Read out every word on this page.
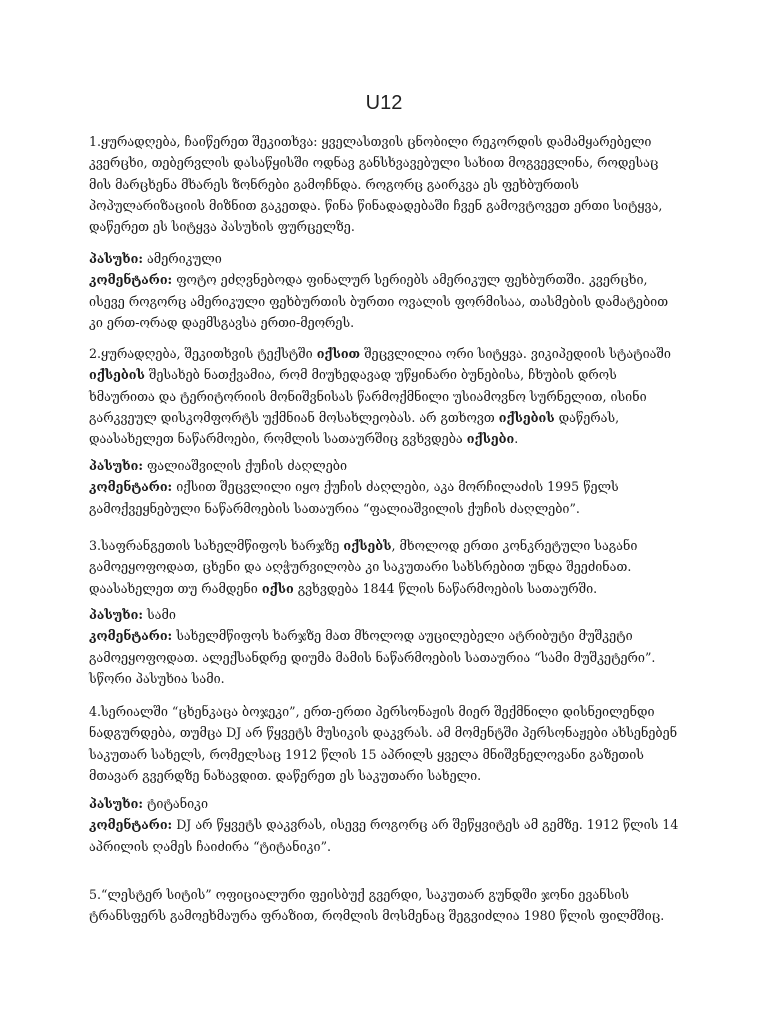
U12

1.ყურადღება, ჩაიწერეთ შეკითხვა: ყველასთვის ცნობილი რეკორდის დამამყარებელი

კვერცხი, თებერვლის დასაწყისში ოდნავ განსხვავებული სახით მოგვევლინა, როდესაც

მის მარცხენა მხარეს ზონრები გამოჩნდა. როგორც გაირკვა ეს ფეხბურთის

პოპულარიზაციის მიზნით გაკეთდა. წინა წინადადებაში ჩვენ გამოვტოვეთ ერთი სიტყვა,

დაწერეთ ეს სიტყვა პასუხის ფურცელზე.

პასუხი: ამერიკული

კომენტარი: ფოტო ეძღვნებოდა ფინალურ სერიებს ამერიკულ ფეხბურთში. კვერცხი,

ისევე როგორც ამერიკული ფეხბურთის ბურთი ოვალის ფორმისაა, თასმების დამატებით

კი ერთ-ორად დაემსგავსა ერთი-მეორეს.

2.ყურადღება, შეკითხვის ტექსტში იქსით შეცვლილია ორი სიტყვა. ვიკიპედიის სტატიაში

იქსების შესახებ ნათქვამია, რომ მიუხედავად უწყინარი ბუნებისა, ჩხუბის დროს

ხმაურითა და ტერიტორიის მონიშვნისას წარმოქმნილი უსიამოვნო სურნელით, ისინი

გარკვეულ დისკომფორტს უქმნიან მოსახლეობას. არ გთხოვთ იქსების დაწერას,

დაასახელეთ ნაწარმოები, რომლის სათაურშიც გვხვდება იქსები.

პასუხი: ფალიაშვილის ქუჩის ძაღლები

კომენტარი: იქსით შეცვლილი იყო ქუჩის ძაღლები, აკა მორჩილაძის 1995 წელს

გამოქვეყნებული ნაწარმოების სათაურია “ფალიაშვილის ქუჩის ძაღლები”.

3.საფრანგეთის სახელმწიფოს ხარჯზე იქსებს, მხოლოდ ერთი კონკრეტული საგანი

გამოეყოფოდათ, ცხენი და აღჭურვილობა კი საკუთარი სახსრებით უნდა შეეძინათ.

დაასახელეთ თუ რამდენი იქსი გვხვდება 1844 წლის ნაწარმოების სათაურში.

პასუხი: სამი

კომენტარი: სახელმწიფოს ხარჯზე მათ მხოლოდ აუცილებელი ატრიბუტი მუშკეტი

გამოეყოფოდათ. ალექსანდრე დიუმა მამის ნაწარმოების სათაურია “სამი მუშკეტერი”.

სწორი პასუხია სამი.

4.სერიალში “ცხენკაცა ბოჯეკი”, ერთ-ერთი პერსონაჟის მიერ შექმნილი დისნეილენდი

ნადგურდება, თუმცა DJ არ წყვეტს მუსიკის დაკვრას. ამ მომენტში პერსონაჟები ახსენებენ

საკუთარ სახელს, რომელსაც 1912 წლის 15 აპრილს ყველა მნიშვნელოვანი გაზეთის

მთავარ გვერდზე ნახავდით. დაწერეთ ეს საკუთარი სახელი.

პასუხი: ტიტანიკი

კომენტარი: DJ არ წყვეტს დაკვრას, ისევე როგორც არ შეწყვიტეს ამ გემზე. 1912 წლის 14

აპრილის ღამეს ჩაიძირა “ტიტანიკი”.

5.“ლესტერ სიტის” ოფიციალური ფეისბუქ გვერდი, საკუთარ გუნდში ჯონი ევანსის

ტრანსფერს გამოეხმაურა ფრაზით, რომლის მოსმენაც შეგვიძლია 1980 წლის ფილმშიც.
